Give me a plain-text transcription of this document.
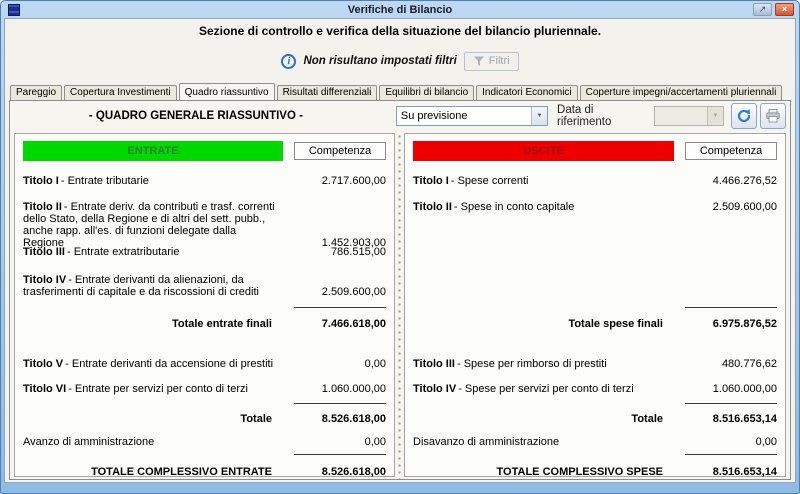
Verifiche di Bilancio	↗	×
Sezione di controllo e verifica della situazione del bilancio pluriennale.
i	Non risultano impostati filtri	Filtri
Pareggio	Copertura Investimenti	Quadro riassuntivo	Risultati differenziali	Equilibri di bilancio	Indicatori Economici	Coperture impegni/accertamenti pluriennali
- QUADRO GENERALE RIASSUNTIVO -	Su previsione	▼	Data di riferimento	▼
ENTRATE	Competenza
Titolo I - Entrate tributarie	2.717.600,00
Titolo II - Entrate deriv. da contributi e trasf. correnti dello Stato, della Regione e di altri del sett. pubb., anche rapp. all'es. di funzioni delegate dalla Regione	1.452.903,00
Titolo III - Entrate extratributarie	786.515,00
Titolo IV - Entrate derivanti da alienazioni, da trasferimenti di capitale e da riscossioni di crediti	2.509.600,00
Totale entrate finali	7.466.618,00
Titolo V - Entrate derivanti da accensione di prestiti	0,00
Titolo VI - Entrate per servizi per conto di terzi	1.060.000,00
Totale	8.526.618,00
Avanzo di amministrazione	0,00
TOTALE COMPLESSIVO ENTRATE	8.526.618,00
USCITE	Competenza
Titolo I - Spese correnti	4.466.276,52
Titolo II - Spese in conto capitale	2.509.600,00
Totale spese finali	6.975.876,52
Titolo III - Spese per rimborso di prestiti	480.776,62
Titolo IV - Spese per servizi per conto di terzi	1.060.000,00
Totale	8.516.653,14
Disavanzo di amministrazione	0,00
TOTALE COMPLESSIVO SPESE	8.516.653,14
